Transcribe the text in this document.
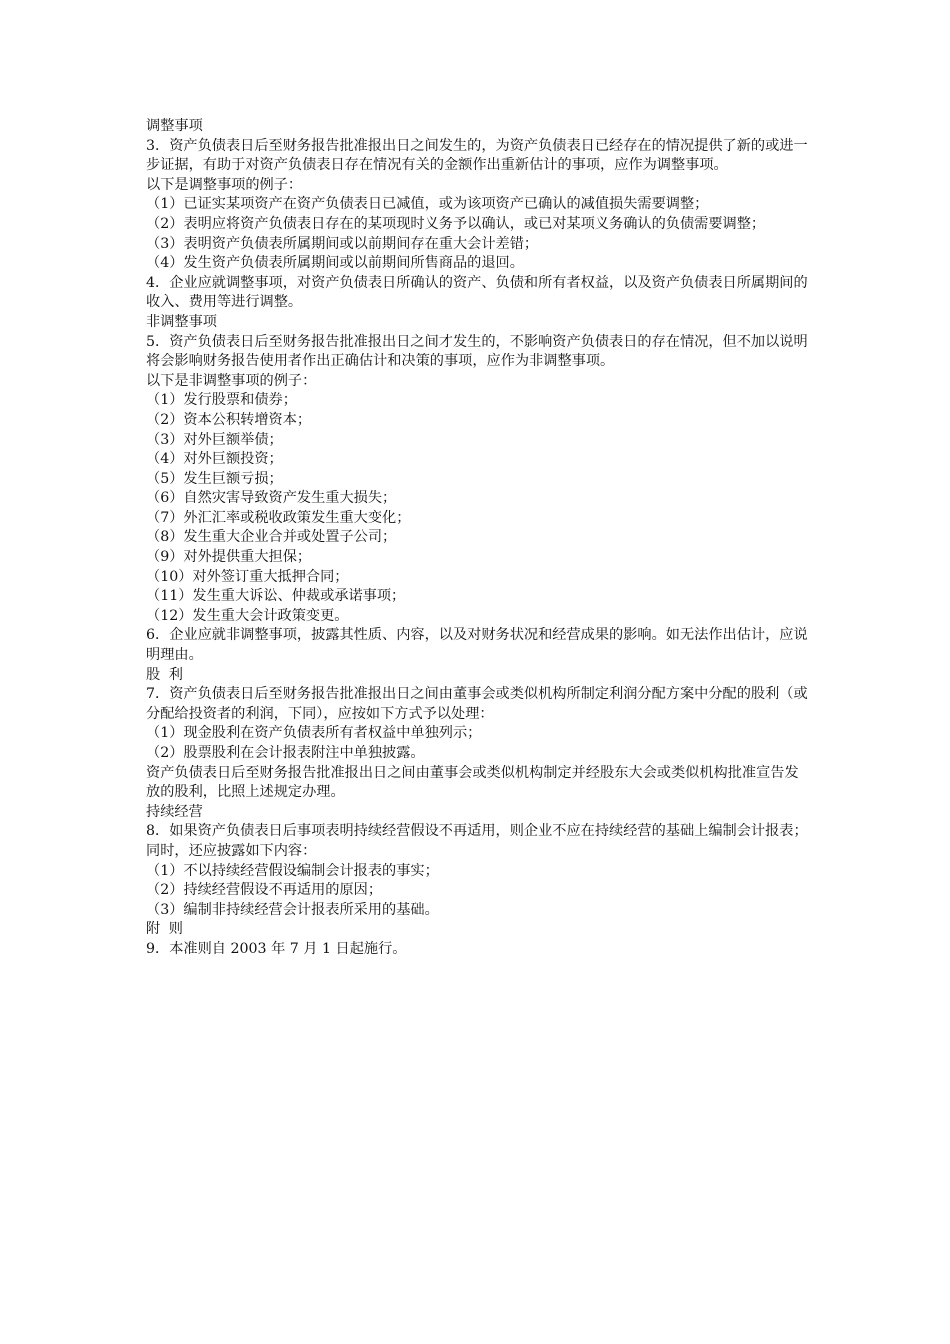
调整事项

3．资产负债表日后至财务报告批准报出日之间发生的，为资产负债表日已经存在的情况提供了新的或进一步证据，有助于对资产负债表日存在情况有关的金额作出重新估计的事项，应作为调整事项。

以下是调整事项的例子：

（1）已证实某项资产在资产负债表日已减值，或为该项资产已确认的减值损失需要调整；

（2）表明应将资产负债表日存在的某项现时义务予以确认，或已对某项义务确认的负债需要调整；

（3）表明资产负债表所属期间或以前期间存在重大会计差错；

（4）发生资产负债表所属期间或以前期间所售商品的退回。

4．企业应就调整事项，对资产负债表日所确认的资产、负债和所有者权益，以及资产负债表日所属期间的收入、费用等进行调整。

非调整事项

5．资产负债表日后至财务报告批准报出日之间才发生的，不影响资产负债表日的存在情况，但不加以说明将会影响财务报告使用者作出正确估计和决策的事项，应作为非调整事项。

以下是非调整事项的例子：

（1）发行股票和债券；

（2）资本公积转增资本；

（3）对外巨额举债；

（4）对外巨额投资；

（5）发生巨额亏损；

（6）自然灾害导致资产发生重大损失；

（7）外汇汇率或税收政策发生重大变化；

（8）发生重大企业合并或处置子公司；

（9）对外提供重大担保；

（10）对外签订重大抵押合同；

（11）发生重大诉讼、仲裁或承诺事项；

（12）发生重大会计政策变更。

6．企业应就非调整事项，披露其性质、内容，以及对财务状况和经营成果的影响。如无法作出估计，应说明理由。

股利

7．资产负债表日后至财务报告批准报出日之间由董事会或类似机构所制定利润分配方案中分配的股利（或分配给投资者的利润，下同），应按如下方式予以处理：

（1）现金股利在资产负债表所有者权益中单独列示；

（2）股票股利在会计报表附注中单独披露。

资产负债表日后至财务报告批准报出日之间由董事会或类似机构制定并经股东大会或类似机构批准宣告发放的股利，比照上述规定办理。

持续经营

8．如果资产负债表日后事项表明持续经营假设不再适用，则企业不应在持续经营的基础上编制会计报表；同时，还应披露如下内容：

（1）不以持续经营假设编制会计报表的事实；

（2）持续经营假设不再适用的原因；

（3）编制非持续经营会计报表所采用的基础。

附则

9．本准则自 2003 年 7 月 1 日起施行。
